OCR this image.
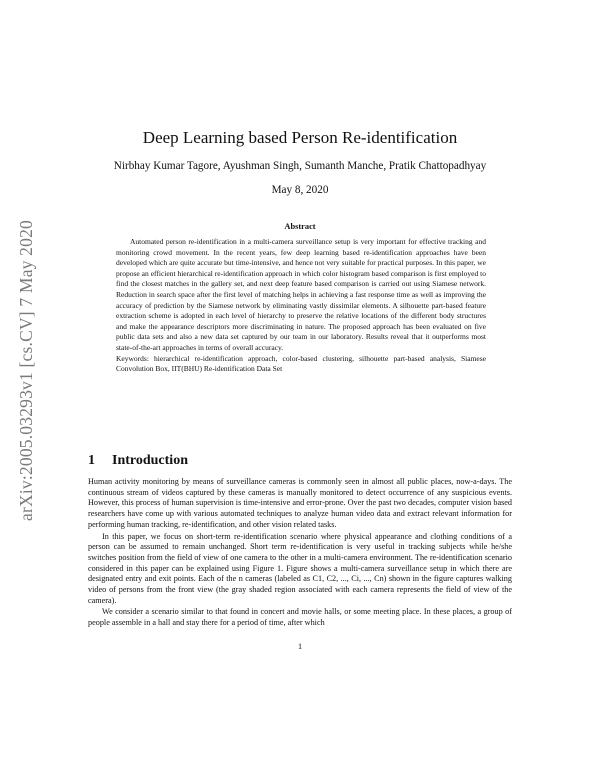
arXiv:2005.03293v1 [cs.CV] 7 May 2020
Deep Learning based Person Re-identification
Nirbhay Kumar Tagore, Ayushman Singh, Sumanth Manche, Pratik Chattopadhyay
May 8, 2020
Abstract

Automated person re-identification in a multi-camera surveillance setup is very important for effective tracking and monitoring crowd movement. In the recent years, few deep learning based re-identification approaches have been developed which are quite accurate but time-intensive, and hence not very suitable for practical purposes. In this paper, we propose an efficient hierarchical re-identification approach in which color histogram based comparison is first employed to find the closest matches in the gallery set, and next deep feature based comparison is carried out using Siamese network. Reduction in search space after the first level of matching helps in achieving a fast response time as well as improving the accuracy of prediction by the Siamese network by eliminating vastly dissimilar elements. A silhouette part-based feature extraction scheme is adopted in each level of hierarchy to preserve the relative locations of the different body structures and make the appearance descriptors more discriminating in nature. The proposed approach has been evaluated on five public data sets and also a new data set captured by our team in our laboratory. Results reveal that it outperforms most state-of-the-art approaches in terms of overall accuracy.

Keywords: hierarchical re-identification approach, color-based clustering, silhouette part-based analysis, Siamese Convolution Box, IIT(BHU) Re-identification Data Set

1 Introduction

Human activity monitoring by means of surveillance cameras is commonly seen in almost all public places, now-a-days. The continuous stream of videos captured by these cameras is manually monitored to detect occurrence of any suspicious events. However, this process of human supervision is time-intensive and error-prone. Over the past two decades, computer vision based researchers have come up with various automated techniques to analyze human video data and extract relevant information for performing human tracking, re-identification, and other vision related tasks.

In this paper, we focus on short-term re-identification scenario where physical appearance and clothing conditions of a person can be assumed to remain unchanged. Short term re-identification is very useful in tracking subjects while he/she switches position from the field of view of one camera to the other in a multi-camera environment. The re-identification scenario considered in this paper can be explained using Figure 1. Figure shows a multi-camera surveillance setup in which there are designated entry and exit points. Each of the n cameras (labeled as C1, C2, ..., Ci, ..., Cn) shown in the figure captures walking video of persons from the front view (the gray shaded region associated with each camera represents the field of view of the camera).

We consider a scenario similar to that found in concert and movie halls, or some meeting place. In these places, a group of people assemble in a hall and stay there for a period of time, after which

1
